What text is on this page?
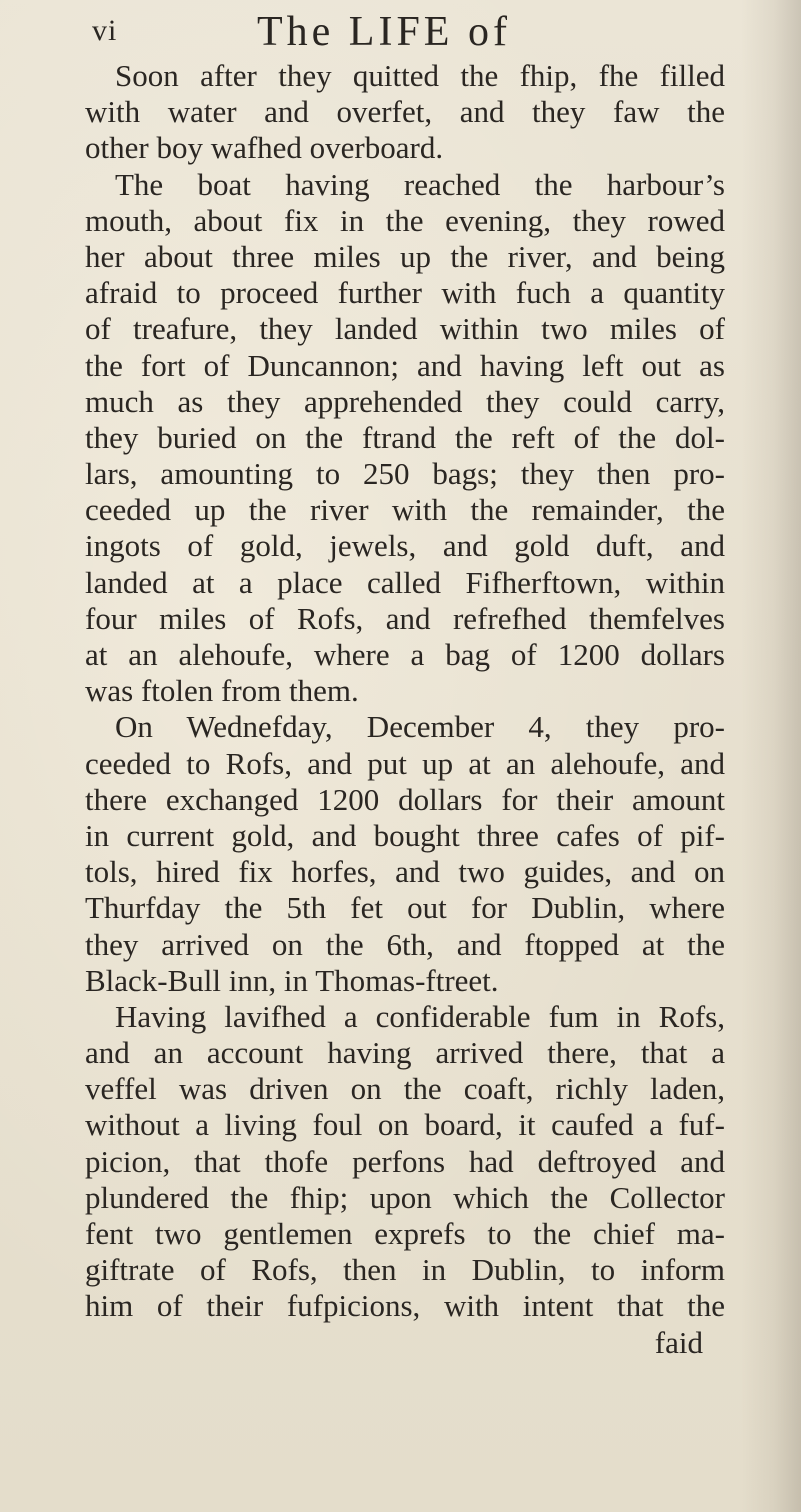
vi	The LIFE of
Soon after they quitted the fhip, fhe filled
with water and overfet, and they faw the
other boy wafhed overboard.
The boat having reached the harbour’s
mouth, about fix in the evening, they rowed
her about three miles up the river, and being
afraid to proceed further with fuch a quantity
of treafure, they landed within two miles of
the fort of Duncannon; and having left out as
much as they apprehended they could carry,
they buried on the ftrand the reft of the dol-
lars, amounting to 250 bags; they then pro-
ceeded up the river with the remainder, the
ingots of gold, jewels, and gold duft, and
landed at a place called Fifherftown, within
four miles of Rofs, and refrefhed themfelves
at an alehoufe, where a bag of 1200 dollars
was ftolen from them.
On Wednefday, December 4, they pro-
ceeded to Rofs, and put up at an alehoufe, and
there exchanged 1200 dollars for their amount
in current gold, and bought three cafes of pif-
tols, hired fix horfes, and two guides, and on
Thurfday the 5th fet out for Dublin, where
they arrived on the 6th, and ftopped at the
Black-Bull inn, in Thomas-ftreet.
Having lavifhed a confiderable fum in Rofs,
and an account having arrived there, that a
veffel was driven on the coaft, richly laden,
without a living foul on board, it caufed a fuf-
picion, that thofe perfons had deftroyed and
plundered the fhip; upon which the Collector
fent two gentlemen exprefs to the chief ma-
giftrate of Rofs, then in Dublin, to inform
him of their fufpicions, with intent that the
faid
